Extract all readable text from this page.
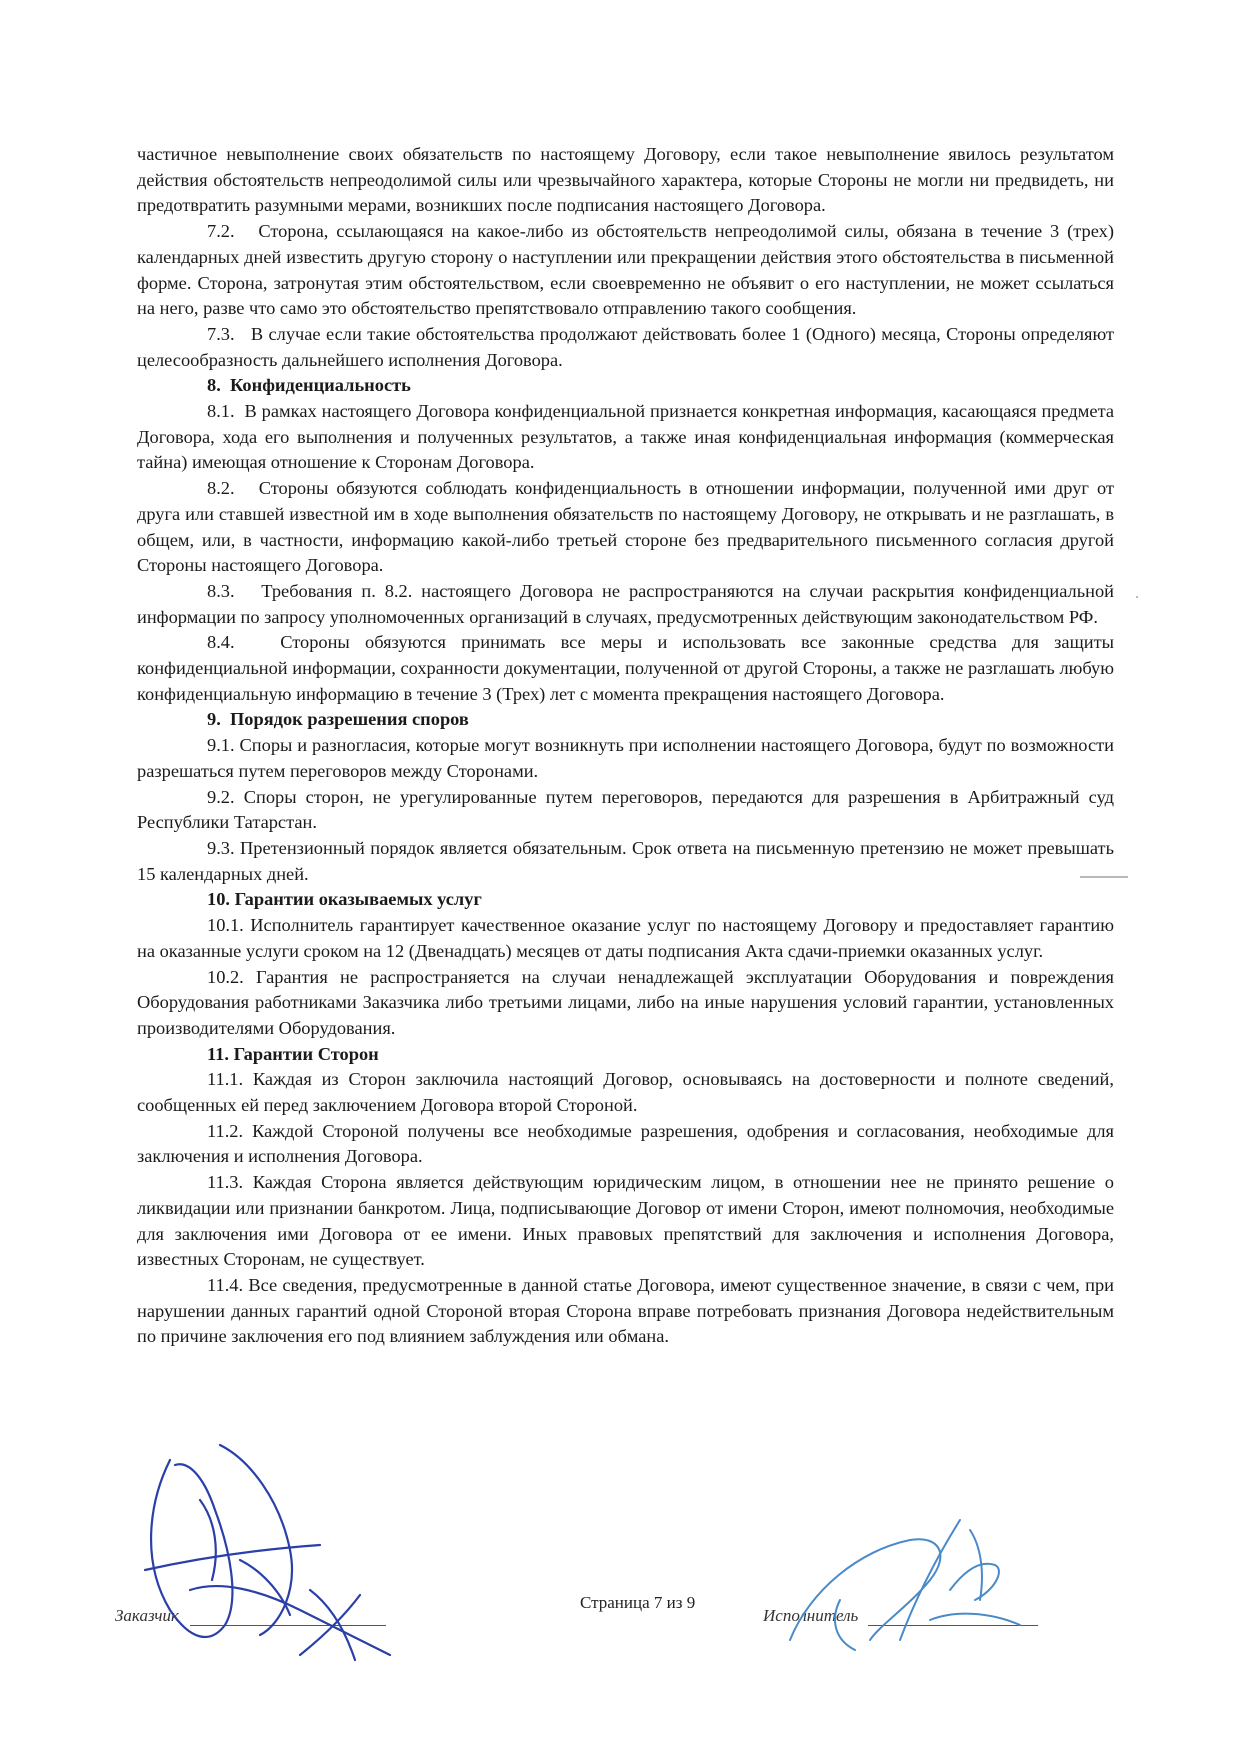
частичное невыполнение своих обязательств по настоящему Договору, если такое невыполнение явилось результатом действия обстоятельств непреодолимой силы или чрезвычайного характера, которые Стороны не могли ни предвидеть, ни предотвратить разумными мерами, возникших после подписания настоящего Договора.

7.2.   Сторона, ссылающаяся на какое-либо из обстоятельств непреодолимой силы, обязана в течение 3 (трех) календарных дней известить другую сторону о наступлении или прекращении действия этого обстоятельства в письменной форме. Сторона, затронутая этим обстоятельством, если своевременно не объявит о его наступлении, не может ссылаться на него, разве что само это обстоятельство препятствовало отправлению такого сообщения.

7.3.   В случае если такие обстоятельства продолжают действовать более 1 (Одного) месяца, Стороны определяют целесообразность дальнейшего исполнения Договора.

8.  Конфиденциальность

8.1.  В рамках настоящего Договора конфиденциальной признается конкретная информация, касающаяся предмета Договора, хода его выполнения и полученных результатов, а также иная конфиденциальная информация (коммерческая тайна) имеющая отношение к Сторонам Договора.

8.2.   Стороны обязуются соблюдать конфиденциальность в отношении информации, полученной ими друг от друга или ставшей известной им в ходе выполнения обязательств по настоящему Договору, не открывать и не разглашать, в общем, или, в частности, информацию какой-либо третьей стороне без предварительного письменного согласия другой Стороны настоящего Договора.

8.3.   Требования п. 8.2. настоящего Договора не распространяются на случаи раскрытия конфиденциальной информации по запросу уполномоченных организаций в случаях, предусмотренных действующим законодательством РФ.

8.4.   Стороны обязуются принимать все меры и использовать все законные средства для защиты конфиденциальной информации, сохранности документации, полученной от другой Стороны, а также не разглашать любую конфиденциальную информацию в течение 3 (Трех) лет с момента прекращения настоящего Договора.

9.  Порядок разрешения споров

9.1. Споры и разногласия, которые могут возникнуть при исполнении настоящего Договора, будут по возможности разрешаться путем переговоров между Сторонами.

9.2. Споры сторон, не урегулированные путем переговоров, передаются для разрешения в Арбитражный суд Республики Татарстан.

9.3. Претензионный порядок является обязательным. Срок ответа на письменную претензию не может превышать 15 календарных дней.

10. Гарантии оказываемых услуг

10.1. Исполнитель гарантирует качественное оказание услуг по настоящему Договору и предоставляет гарантию на оказанные услуги сроком на 12 (Двенадцать) месяцев от даты подписания Акта сдачи-приемки оказанных услуг.

10.2. Гарантия не распространяется на случаи ненадлежащей эксплуатации Оборудования и повреждения Оборудования работниками Заказчика либо третьими лицами, либо на иные нарушения условий гарантии, установленных производителями Оборудования.

11. Гарантии Сторон

11.1. Каждая из Сторон заключила настоящий Договор, основываясь на достоверности и полноте сведений, сообщенных ей перед заключением Договора второй Стороной.

11.2. Каждой Стороной получены все необходимые разрешения, одобрения и согласования, необходимые для заключения и исполнения Договора.

11.3. Каждая Сторона является действующим юридическим лицом, в отношении нее не принято решение о ликвидации или признании банкротом. Лица, подписывающие Договор от имени Сторон, имеют полномочия, необходимые для заключения ими Договора от ее имени. Иных правовых препятствий для заключения и исполнения Договора, известных Сторонам, не существует.

11.4. Все сведения, предусмотренные в данной статье Договора, имеют существенное значение, в связи с чем, при нарушении данных гарантий одной Стороной вторая Сторона вправе потребовать признания Договора недействительным по причине заключения его под влиянием заблуждения или обмана.

Заказчик
Страница 7 из 9
Исполнитель
